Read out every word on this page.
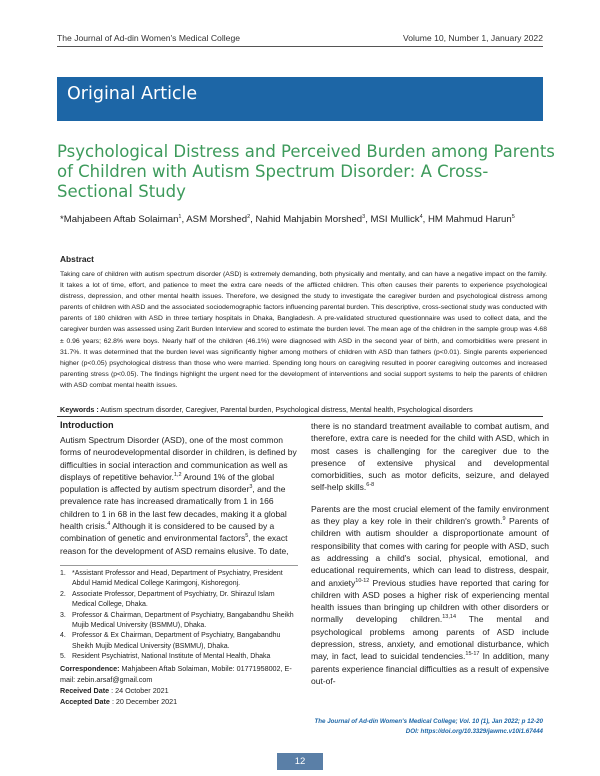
The Journal of Ad-din Women's Medical College	Volume 10, Number 1, January 2022
Original Article
Psychological Distress and Perceived Burden among Parents of Children with Autism Spectrum Disorder: A Cross-Sectional Study
*Mahjabeen Aftab Solaiman$^1$, ASM Morshed$^2$, Nahid Mahjabin Morshed$^3$, MSI Mullick$^4$, HM Mahmud Harun$^5$
Abstract
Taking care of children with autism spectrum disorder (ASD) is extremely demanding, both physically and mentally, and can have a negative impact on the family. It takes a lot of time, effort, and patience to meet the extra care needs of the afflicted children. This often causes their parents to experience psychological distress, depression, and other mental health issues. Therefore, we designed the study to investigate the caregiver burden and psychological distress among parents of children with ASD and the associated sociodemographic factors influencing parental burden. This descriptive, cross-sectional study was conducted with parents of 180 children with ASD in three tertiary hospitals in Dhaka, Bangladesh. A pre-validated structured questionnaire was used to collect data, and the caregiver burden was assessed using Zarit Burden Interview and scored to estimate the burden level. The mean age of the children in the sample group was 4.68 ± 0.96 years; 62.8% were boys. Nearly half of the children (46.1%) were diagnosed with ASD in the second year of birth, and comorbidities were present in 31.7%. It was determined that the burden level was significantly higher among mothers of children with ASD than fathers (p<0.01). Single parents experienced higher (p<0.05) psychological distress than those who were married. Spending long hours on caregiving resulted in poorer caregiving outcomes and increased parenting stress (p<0.05). The findings highlight the urgent need for the development of interventions and social support systems to help the parents of children with ASD combat mental health issues.
Keywords : Autism spectrum disorder, Caregiver, Parental burden, Psychological distress, Mental health, Psychological disorders
Introduction

Autism Spectrum Disorder (ASD), one of the most common forms of neurodevelopmental disorder in children, is defined by difficulties in social interaction and communication as well as displays of repetitive behavior.$^{1,2}$ Around 1% of the global population is affected by autism spectrum disorder$^3$, and the prevalence rate has increased dramatically from 1 in 166 children to 1 in 68 in the last few decades, making it a global health crisis.$^4$ Although it is considered to be caused by a combination of genetic and environmental factors$^5$, the exact reason for the development of ASD remains elusive. To date,

there is no standard treatment available to combat autism, and therefore, extra care is needed for the child with ASD, which in most cases is challenging for the caregiver due to the presence of extensive physical and developmental comorbidities, such as motor deficits, seizure, and delayed self-help skills.$^{6-8}$

Parents are the most crucial element of the family environment as they play a key role in their children's growth.$^9$ Parents of children with autism shoulder a disproportionate amount of responsibility that comes with caring for people with ASD, such as addressing a child's social, physical, emotional, and educational requirements, which can lead to distress, despair, and anxiety$^{10-12}$ Previous studies have reported that caring for children with ASD poses a higher risk of experiencing mental health issues than bringing up children with other disorders or normally developing children.$^{13,14}$ The mental and psychological problems among parents of ASD include depression, stress, anxiety, and emotional disturbance, which may, in fact, lead to suicidal tendencies.$^{15-17}$ In addition, many parents experience financial difficulties as a result of expensive out-of-

1. *Assistant Professor and Head, Department of Psychiatry, President Abdul Hamid Medical College Karimgonj, Kishoregonj.
2. Associate Professor, Department of Psychiatry, Dr. Shirazul Islam Medical College, Dhaka.
3. Professor & Chairman, Department of Psychiatry, Bangabandhu Sheikh Mujib Medical University (BSMMU), Dhaka.
4. Professor & Ex Chairman, Department of Psychiatry, Bangabandhu Sheikh Mujib Medical University (BSMMU), Dhaka.
5. Resident Psychiatrist, National Institute of Mental Health, Dhaka
Correspondence: Mahjabeen Aftab Solaiman, Mobile: 01771958002, E-mail: zebin.arsaf@gmail.com
Received Date : 24 October 2021
Accepted Date : 20 December 2021
The Journal of Ad-din Women's Medical College; Vol. 10 (1), Jan 2022; p 12-20
DOI: https://doi.org/10.3329/jawmc.v10i1.67444
12
